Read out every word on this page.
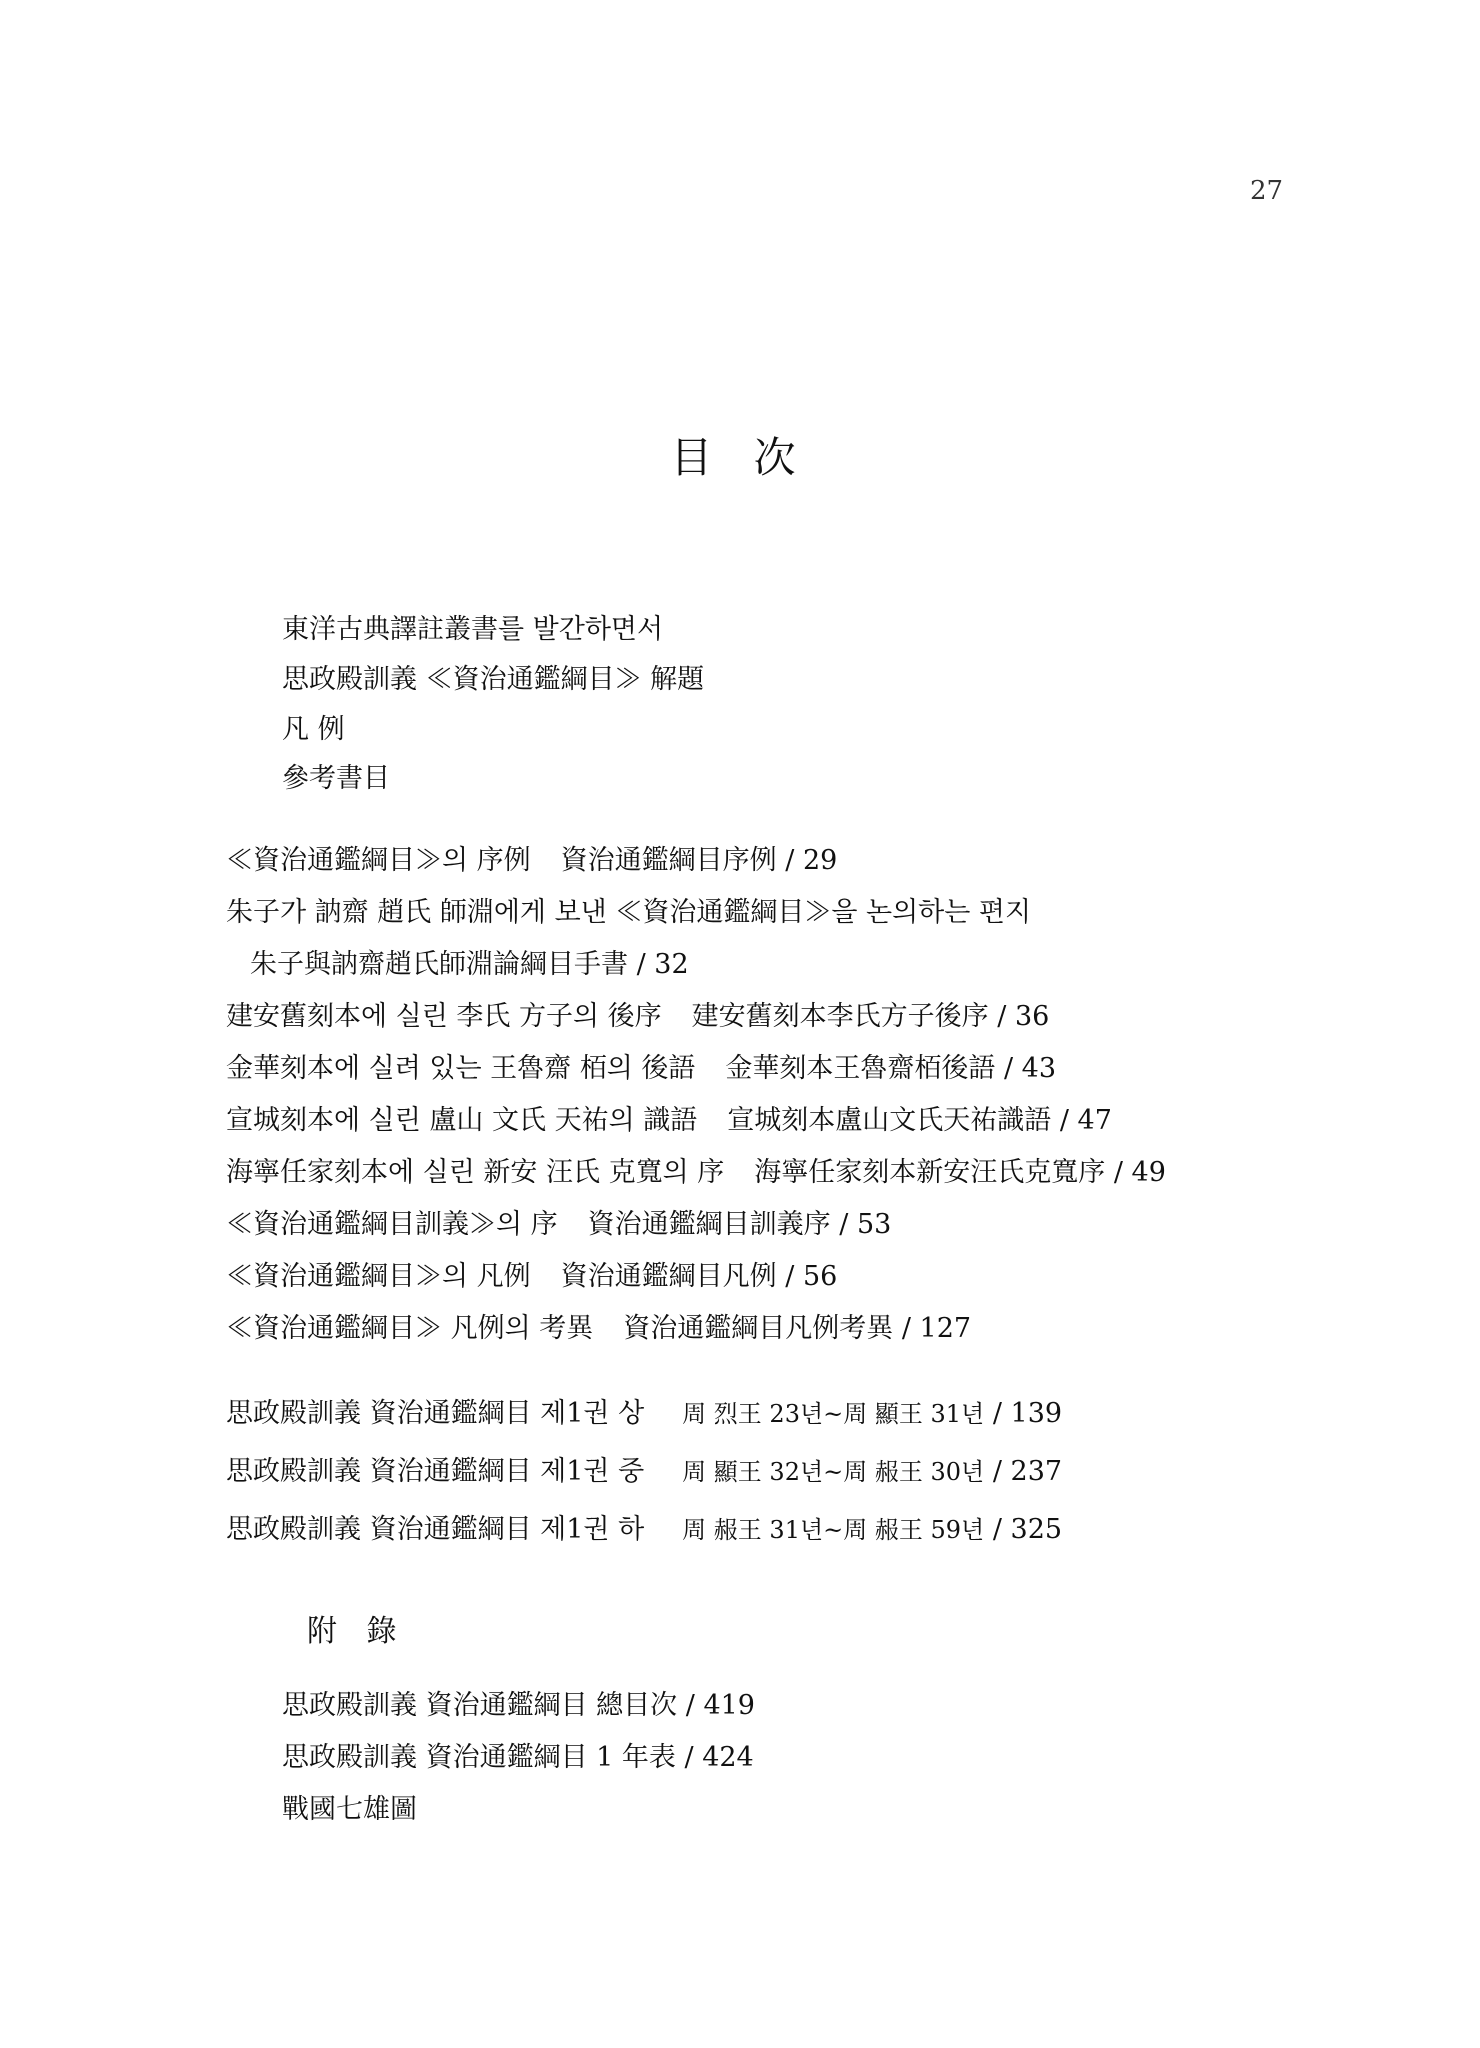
27
目 次
東洋古典譯註叢書를 발간하면서
思政殿訓義 ≪資治通鑑綱目≫ 解題
凡 例
參考書目
≪資治通鑑綱目≫의 序例 資治通鑑綱目序例 / 29
朱子가 訥齋 趙氏 師淵에게 보낸 ≪資治通鑑綱目≫을 논의하는 편지
朱子與訥齋趙氏師淵論綱目手書 / 32
建安舊刻本에 실린 李氏 方子의 後序 建安舊刻本李氏方子後序 / 36
金華刻本에 실려 있는 王魯齋 栢의 後語 金華刻本王魯齋栢後語 / 43
宣城刻本에 실린 盧山 文氏 天祐의 識語 宣城刻本盧山文氏天祐識語 / 47
海寧任家刻本에 실린 新安 汪氏 克寬의 序 海寧任家刻本新安汪氏克寬序 / 49
≪資治通鑑綱目訓義≫의 序 資治通鑑綱目訓義序 / 53
≪資治通鑑綱目≫의 凡例 資治通鑑綱目凡例 / 56
≪資治通鑑綱目≫ 凡例의 考異 資治通鑑綱目凡例考異 / 127
思政殿訓義 資治通鑑綱目 제1권 상 周 烈王 23년~周 顯王 31년 / 139
思政殿訓義 資治通鑑綱目 제1권 중 周 顯王 32년~周 赧王 30년 / 237
思政殿訓義 資治通鑑綱目 제1권 하 周 赧王 31년~周 赧王 59년 / 325
附 錄
思政殿訓義 資治通鑑綱目 總目次 / 419
思政殿訓義 資治通鑑綱目 1 年表 / 424
戰國七雄圖
